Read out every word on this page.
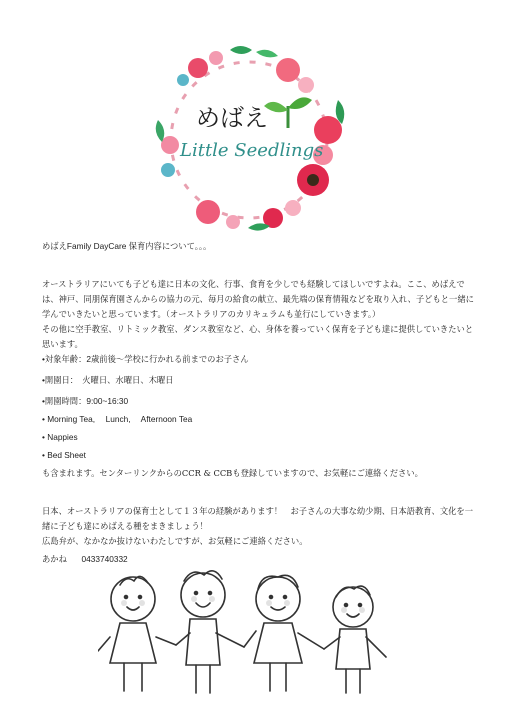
めばえ
Little Seedlings
めばえFamily DayCare 保育内容について。。。
オーストラリアにいても子ども達に日本の文化、行事、食育を少しでも経験してほしいですよね。ここ、めばえでは、神戸、同朋保育園さんからの協力の元、毎月の給食の献立、最先端の保育情報などを取り入れ、子どもと一緒に学んでいきたいと思っています。（オーストラリアのカリキュラムも並行にしていきます。）
その他に空手教室、リトミック教室、ダンス教室など、心、身体を養っていく保育を子ども達に提供していきたいと思います。
•対象年齢：2歳前後〜学校に行かれる前までのお子さん
•開園日：　火曜日、水曜日、木曜日
•開園時間：9:00~16:30
• Morning Tea,　 Lunch,　 Afternoon Tea
• Nappies
• Bed Sheet
も含まれます。センターリンクからのCCR & CCBも登録していますので、お気軽にご連絡ください。
日本、オーストラリアの保育士として１３年の経験があります！　お子さんの大事な幼少期、日本語教育、文化を一緒に子ども達にめばえる種をまきましょう！
広島弁が、なかなか抜けないわたしですが、お気軽にご連絡ください。
あかね 0433740332
